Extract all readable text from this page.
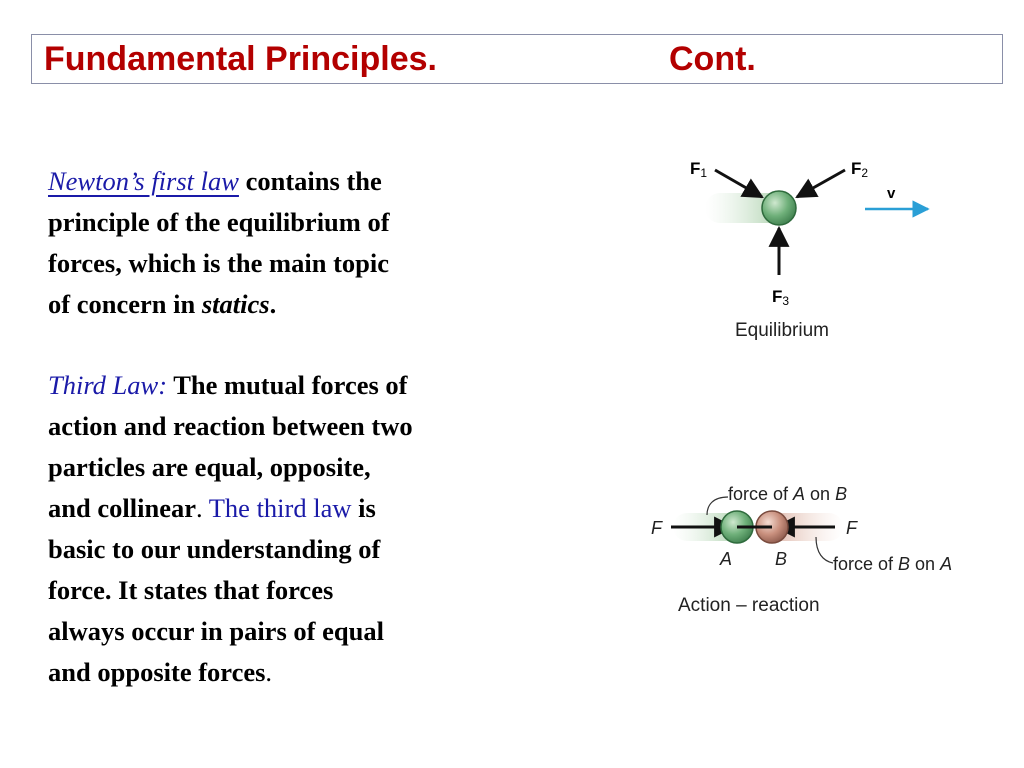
Fundamental Principles.	Cont.

Newton’s first law contains the
principle of the equilibrium of
forces, which is the main topic
of concern in statics.

Third Law: The mutual forces of
action and reaction between two
particles are equal, opposite,
and collinear. The third law is
basic to our understanding of
force. It states that forces
always occur in pairs of equal
and opposite forces.

F1	F2
F3
v
Equilibrium
force of A on B
force of B on A
F	F
A B
Action – reaction
